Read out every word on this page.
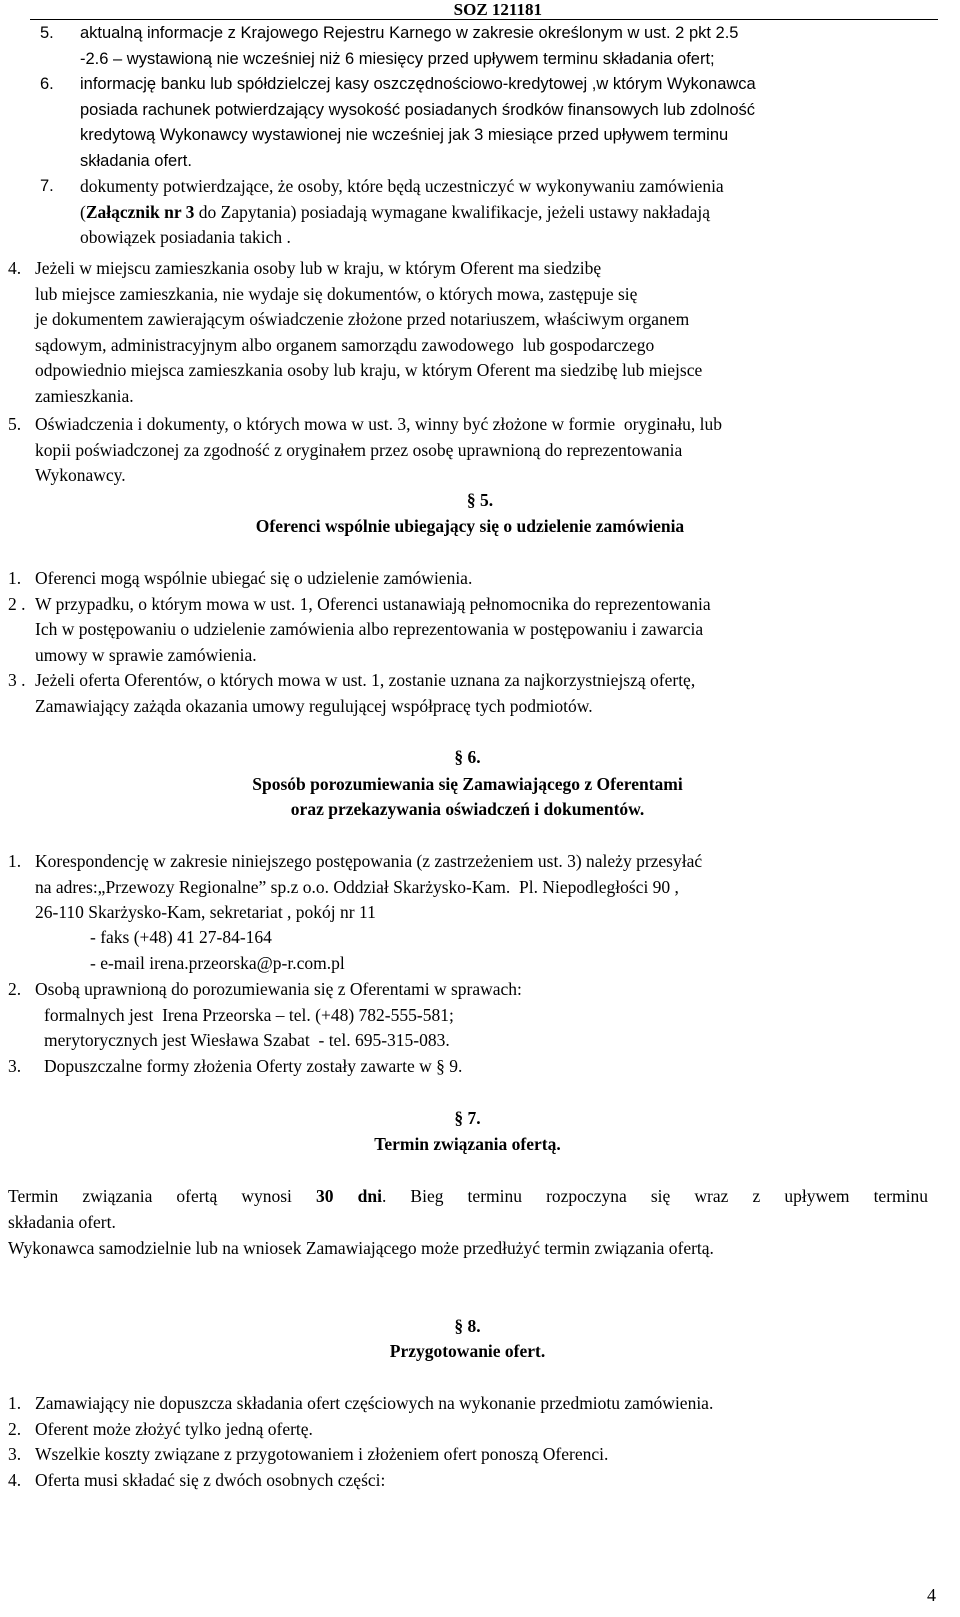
SOZ 121181
5. aktualną informacje z Krajowego Rejestru Karnego w zakresie określonym w ust. 2 pkt 2.5
-2.6 – wystawioną nie wcześniej niż 6 miesięcy przed upływem terminu składania ofert;
6. informację banku lub spółdzielczej kasy oszczędnościowo-kredytowej ,w którym Wykonawca
posiada rachunek potwierdzający wysokość posiadanych środków finansowych lub zdolność
kredytową Wykonawcy wystawionej nie wcześniej jak 3 miesiące przed upływem terminu
składania ofert.
7. dokumenty potwierdzające, że osoby, które będą uczestniczyć w wykonywaniu zamówienia
(Załącznik nr 3 do Zapytania) posiadają wymagane kwalifikacje, jeżeli ustawy nakładają
obowiązek posiadania takich .
4. Jeżeli w miejscu zamieszkania osoby lub w kraju, w którym Oferent ma siedzibę
lub miejsce zamieszkania, nie wydaje się dokumentów, o których mowa, zastępuje się
je dokumentem zawierającym oświadczenie złożone przed notariuszem, właściwym organem
sądowym, administracyjnym albo organem samorządu zawodowego  lub gospodarczego
odpowiednio miejsca zamieszkania osoby lub kraju, w którym Oferent ma siedzibę lub miejsce
zamieszkania.
5. Oświadczenia i dokumenty, o których mowa w ust. 3, winny być złożone w formie  oryginału, lub
kopii poświadczonej za zgodność z oryginałem przez osobę uprawnioną do reprezentowania
Wykonawcy.
§ 5.
Oferenci wspólnie ubiegający się o udzielenie zamówienia
1. Oferenci mogą wspólnie ubiegać się o udzielenie zamówienia.
2 . W przypadku, o którym mowa w ust. 1, Oferenci ustanawiają pełnomocnika do reprezentowania
Ich w postępowaniu o udzielenie zamówienia albo reprezentowania w postępowaniu i zawarcia
umowy w sprawie zamówienia.
3 . Jeżeli oferta Oferentów, o których mowa w ust. 1, zostanie uznana za najkorzystniejszą ofertę,
Zamawiający zażąda okazania umowy regulującej współpracę tych podmiotów.
§ 6.
Sposób porozumiewania się Zamawiającego z Oferentami
oraz przekazywania oświadczeń i dokumentów.
1. Korespondencję w zakresie niniejszego postępowania (z zastrzeżeniem ust. 3) należy przesyłać
na adres:„Przewozy Regionalne” sp.z o.o. Oddział Skarżysko-Kam.  Pl. Niepodległości 90 ,
26-110 Skarżysko-Kam, sekretariat , pokój nr 11
- faks (+48) 41 27-84-164
- e-mail irena.przeorska@p-r.com.pl
2. Osobą uprawnioną do porozumiewania się z Oferentami w sprawach:
formalnych jest  Irena Przeorska – tel. (+48) 782-555-581;
merytorycznych jest Wiesława Szabat  - tel. 695-315-083.
3. Dopuszczalne formy złożenia Oferty zostały zawarte w § 9.
§ 7.
Termin związania ofertą.
Termin związania ofertą wynosi 30 dni. Bieg terminu rozpoczyna się wraz z upływem terminu
składania ofert.
Wykonawca samodzielnie lub na wniosek Zamawiającego może przedłużyć termin związania ofertą.
§ 8.
Przygotowanie ofert.
1. Zamawiający nie dopuszcza składania ofert częściowych na wykonanie przedmiotu zamówienia.
2. Oferent może złożyć tylko jedną ofertę.
3. Wszelkie koszty związane z przygotowaniem i złożeniem ofert ponoszą Oferenci.
4. Oferta musi składać się z dwóch osobnych części:
4
